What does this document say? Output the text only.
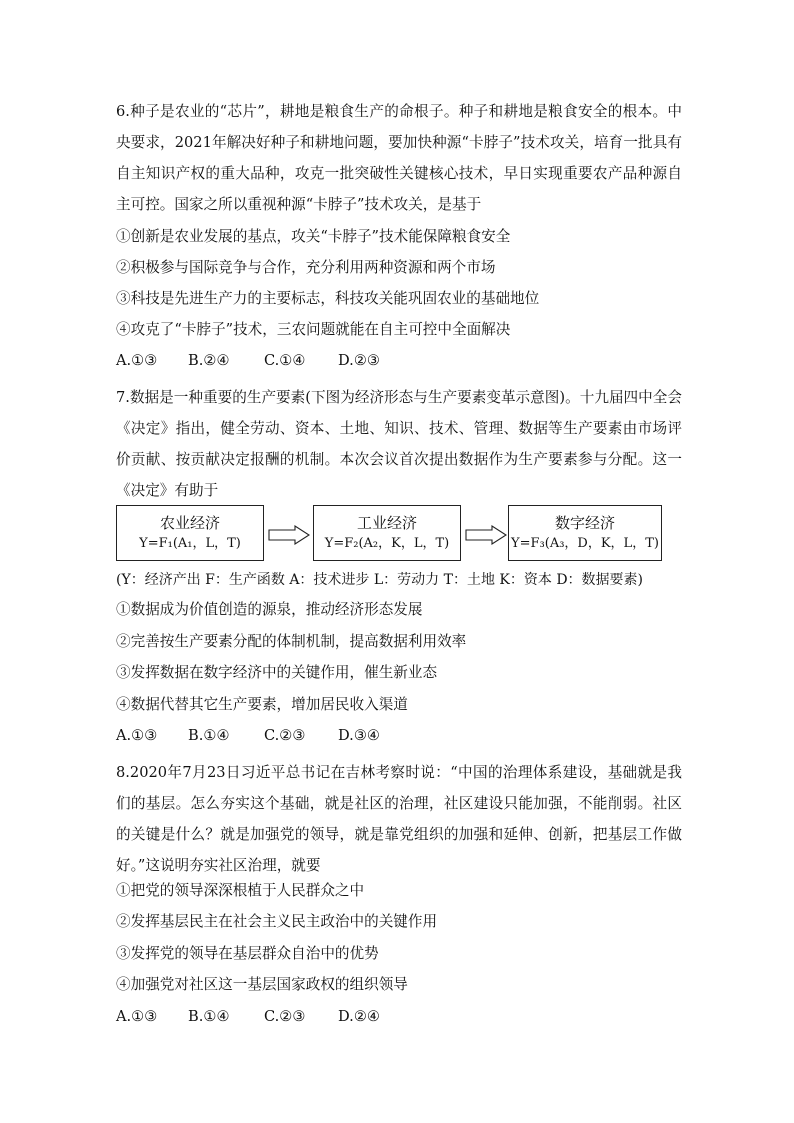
6.种子是农业的“芯片”，耕地是粮食生产的命根子。种子和耕地是粮食安全的根本。中央要求，2021年解决好种子和耕地问题，要加快种源“卡脖子”技术攻关，培育一批具有自主知识产权的重大品种，攻克一批突破性关键核心技术，早日实现重要农产品种源自主可控。国家之所以重视种源“卡脖子”技术攻关，是基于

①创新是农业发展的基点，攻关“卡脖子”技术能保障粮食安全

②积极参与国际竞争与合作，充分利用两种资源和两个市场

③科技是先进生产力的主要标志，科技攻关能巩固农业的基础地位

④攻克了“卡脖子”技术，三农问题就能在自主可控中全面解决

A.①③ B.②④ C.①④ D.②③

7.数据是一种重要的生产要素(下图为经济形态与生产要素变革示意图)。十九届四中全会《决定》指出，健全劳动、资本、土地、知识、技术、管理、数据等生产要素由市场评价贡献、按贡献决定报酬的机制。本次会议首次提出数据作为生产要素参与分配。这一《决定》有助于

农业经济
Y=F₁(A₁，L，T)
工业经济
Y=F₂(A₂，K，L，T)
数字经济
Y=F₃(A₃，D，K，L，T)

(Y：经济产出 F：生产函数 A：技术进步 L：劳动力 T：土地 K：资本 D：数据要素)

①数据成为价值创造的源泉，推动经济形态发展

②完善按生产要素分配的体制机制，提高数据利用效率

③发挥数据在数字经济中的关键作用，催生新业态

④数据代替其它生产要素，增加居民收入渠道

A.①③ B.①④ C.②③ D.③④

8.2020年7月23日习近平总书记在吉林考察时说：“中国的治理体系建设，基础就是我们的基层。怎么夯实这个基础，就是社区的治理，社区建设只能加强，不能削弱。社区的关键是什么？就是加强党的领导，就是靠党组织的加强和延伸、创新，把基层工作做好。”这说明夯实社区治理，就要

①把党的领导深深根植于人民群众之中

②发挥基层民主在社会主义民主政治中的关键作用

③发挥党的领导在基层群众自治中的优势

④加强党对社区这一基层国家政权的组织领导

A.①③ B.①④ C.②③ D.②④
